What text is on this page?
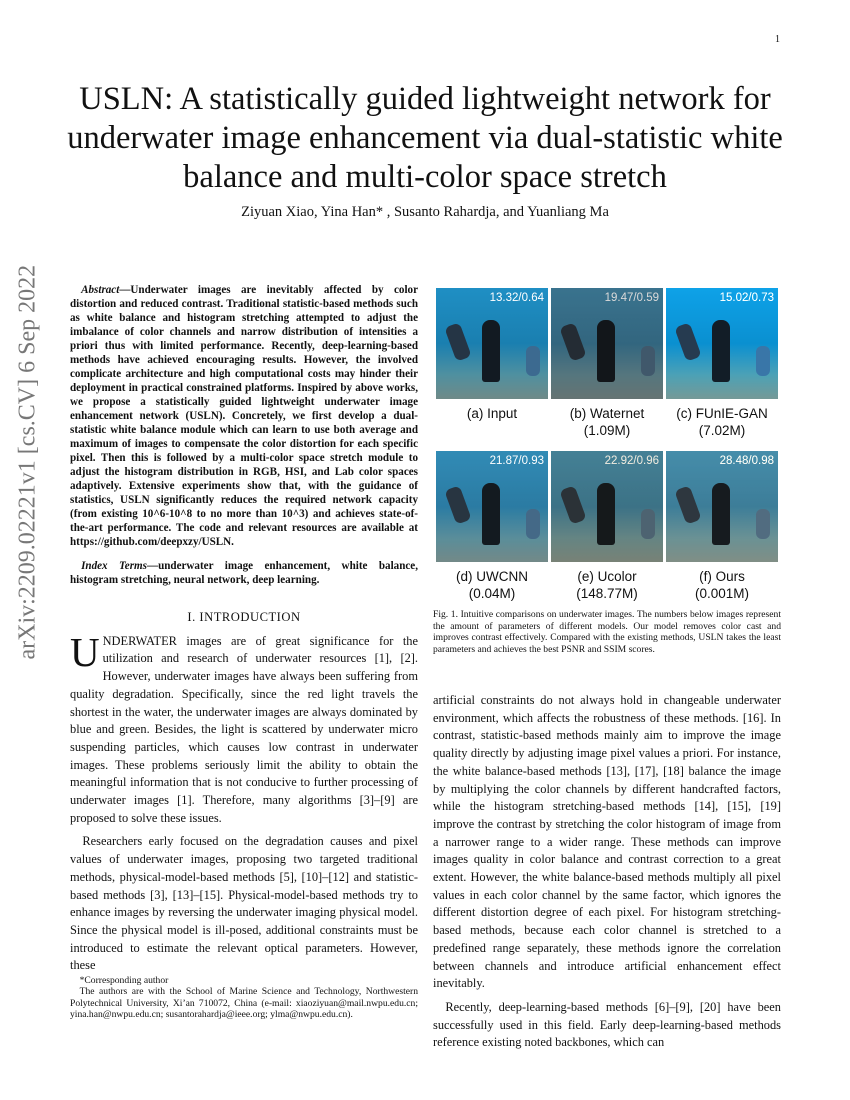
1
USLN: A statistically guided lightweight network for underwater image enhancement via dual-statistic white balance and multi-color space stretch
Ziyuan Xiao, Yina Han* , Susanto Rahardja, and Yuanliang Ma
arXiv:2209.02221v1 [cs.CV] 6 Sep 2022	Abstract—Underwater images are inevitably affected by color distortion and reduced contrast. Traditional statistic-based methods such as white balance and histogram stretching attempted to adjust the imbalance of color channels and narrow distribution of intensities a priori thus with limited performance. Recently, deep-learning-based methods have achieved encouraging results. However, the involved complicate architecture and high computational costs may hinder their deployment in practical constrained platforms. Inspired by above works, we propose a statistically guided lightweight underwater image enhancement network (USLN). Concretely, we first develop a dual-statistic white balance module which can learn to use both average and maximum of images to compensate the color distortion for each specific pixel. Then this is followed by a multi-color space stretch module to adjust the histogram distribution in RGB, HSI, and Lab color spaces adaptively. Extensive experiments show that, with the guidance of statistics, USLN significantly reduces the required network capacity (from existing 10^6-10^8 to no more than 10^3) and achieves state-of-the-art performance. The code and relevant resources are available at https://github.com/deepxzy/USLN.

Index Terms—underwater image enhancement, white balance, histogram stretching, neural network, deep learning.

I. INTRODUCTION

UNDERWATER images are of great significance for the utilization and research of underwater resources [1], [2]. However, underwater images have always been suffering from quality degradation. Specifically, since the red light travels the shortest in the water, the underwater images are always dominated by blue and green. Besides, the light is scattered by underwater micro suspending particles, which causes low contrast in underwater images. These problems seriously limit the ability to obtain the meaningful information that is not conducive to further processing of underwater images [1]. Therefore, many algorithms [3]–[9] are proposed to solve these issues.

Researchers early focused on the degradation causes and pixel values of underwater images, proposing two targeted traditional methods, physical-model-based methods [5], [10]–[12] and statistic-based methods [3], [13]–[15]. Physical-model-based methods try to enhance images by reversing the underwater imaging physical model. Since the physical model is ill-posed, additional constraints must be introduced to estimate the relevant optical parameters. However, these

*Corresponding author

The authors are with the School of Marine Science and Technology, Northwestern Polytechnical University, Xi’an 710072, China (e-mail: xiaoziyuan@mail.nwpu.edu.cn; yina.han@nwpu.edu.cn; susantorahardja@ieee.org; ylma@nwpu.edu.cn).

13.32/0.64	19.47/0.59	15.02/0.73
(a) Input	(b) Waternet
(1.09M)
(c) FUnIE-GAN
(7.02M)
21.87/0.93	22.92/0.96	28.48/0.98
(d) UWCNN
(0.04M)
(e) Ucolor
(148.77M)
(f) Ours
(0.001M)

Fig. 1. Intuitive comparisons on underwater images. The numbers below images represent the amount of parameters of different models. Our model removes color cast and improves contrast effectively. Compared with the existing methods, USLN takes the least parameters and achieves the best PSNR and SSIM scores.

artificial constraints do not always hold in changeable underwater environment, which affects the robustness of these methods. [16]. In contrast, statistic-based methods mainly aim to improve the image quality directly by adjusting image pixel values a priori. For instance, the white balance-based methods [13], [17], [18] balance the image by multiplying the color channels by different handcrafted factors, while the histogram stretching-based methods [14], [15], [19] improve the contrast by stretching the color histogram of image from a narrower range to a wider range. These methods can improve images quality in color balance and contrast correction to a great extent. However, the white balance-based methods multiply all pixel values in each color channel by the same factor, which ignores the different distortion degree of each pixel. For histogram stretching-based methods, because each color channel is stretched to a predefined range separately, these methods ignore the correlation between channels and introduce artificial enhancement effect inevitably.

Recently, deep-learning-based methods [6]–[9], [20] have been successfully used in this field. Early deep-learning-based methods reference existing noted backbones, which can
